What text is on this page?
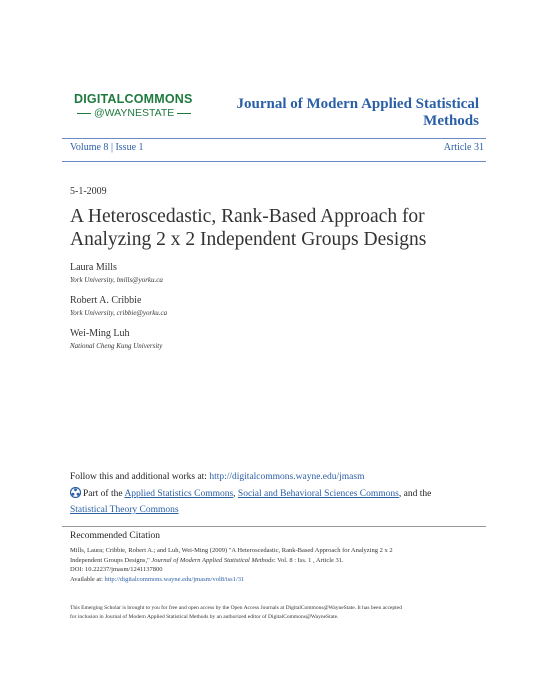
DIGITALCOMMONS
@WAYNESTATE
Journal of Modern Applied Statistical Methods
Volume 8 | Issue 1	Article 31
5-1-2009
A Heteroscedastic, Rank-Based Approach for Analyzing 2 x 2 Independent Groups Designs
Laura Mills
York University, lmills@yorku.ca
Robert A. Cribbie
York University, cribbie@yorku.ca
Wei-Ming Luh
National Cheng Kung University
Follow this and additional works at: http://digitalcommons.wayne.edu/jmasm
Part of the Applied Statistics Commons, Social and Behavioral Sciences Commons, and the
Statistical Theory Commons
Recommended Citation
Mills, Laura; Cribbie, Robert A.; and Luh, Wei-Ming (2009) "A Heteroscedastic, Rank-Based Approach for Analyzing 2 x 2
Independent Groups Designs," Journal of Modern Applied Statistical Methods: Vol. 8 : Iss. 1 , Article 31.
DOI: 10.22237/jmasm/1241137800
Available at: http://digitalcommons.wayne.edu/jmasm/vol8/iss1/31
This Emerging Scholar is brought to you for free and open access by the Open Access Journals at DigitalCommons@WayneState. It has been accepted
for inclusion in Journal of Modern Applied Statistical Methods by an authorized editor of DigitalCommons@WayneState.
